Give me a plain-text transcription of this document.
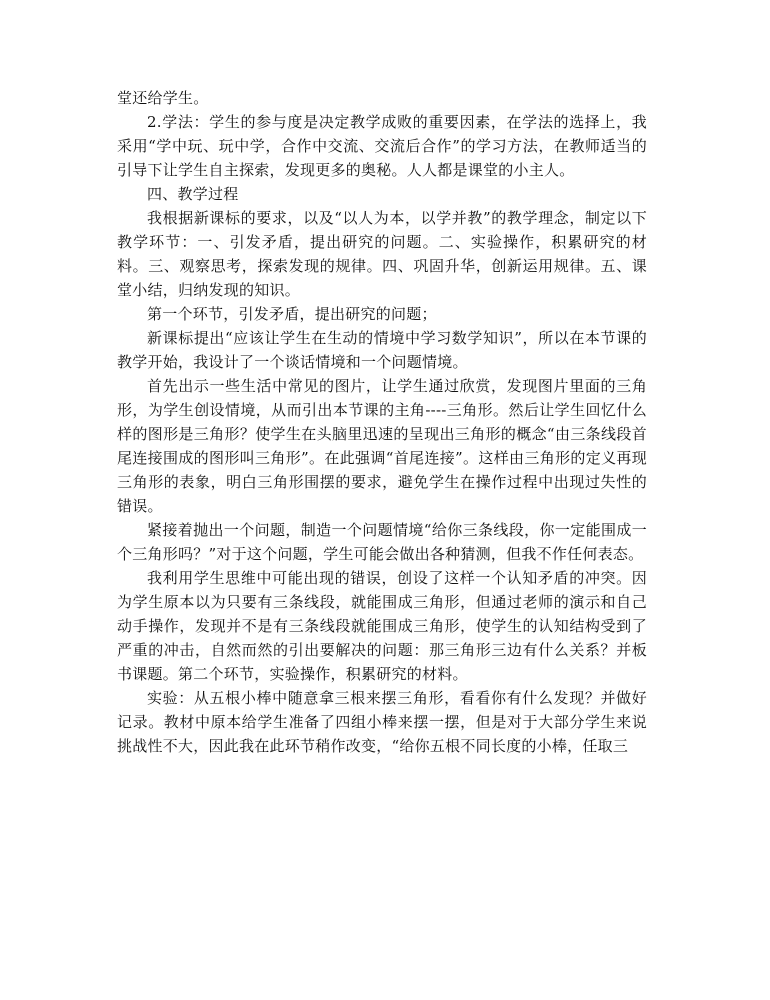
堂还给学生。

2.学法：学生的参与度是决定教学成败的重要因素，在学法的选择上，我采用“学中玩、玩中学，合作中交流、交流后合作”的学习方法，在教师适当的引导下让学生自主探索，发现更多的奥秘。人人都是课堂的小主人。

四、教学过程

我根据新课标的要求，以及“以人为本，以学并教”的教学理念，制定以下教学环节：一、引发矛盾，提出研究的问题。二、实验操作，积累研究的材料。三、观察思考，探索发现的规律。四、巩固升华，创新运用规律。五、课堂小结，归纳发现的知识。

第一个环节，引发矛盾，提出研究的问题；

新课标提出“应该让学生在生动的情境中学习数学知识”，所以在本节课的教学开始，我设计了一个谈话情境和一个问题情境。

首先出示一些生活中常见的图片，让学生通过欣赏，发现图片里面的三角形，为学生创设情境，从而引出本节课的主角----三角形。然后让学生回忆什么样的图形是三角形？使学生在头脑里迅速的呈现出三角形的概念“由三条线段首尾连接围成的图形叫三角形”。在此强调“首尾连接”。这样由三角形的定义再现三角形的表象，明白三角形围摆的要求，避免学生在操作过程中出现过失性的错误。

紧接着抛出一个问题，制造一个问题情境“给你三条线段，你一定能围成一个三角形吗？”对于这个问题，学生可能会做出各种猜测，但我不作任何表态。

我利用学生思维中可能出现的错误，创设了这样一个认知矛盾的冲突。因为学生原本以为只要有三条线段，就能围成三角形，但通过老师的演示和自己动手操作，发现并不是有三条线段就能围成三角形，使学生的认知结构受到了严重的冲击，自然而然的引出要解决的问题：那三角形三边有什么关系？并板书课题。第二个环节，实验操作，积累研究的材料。

实验：从五根小棒中随意拿三根来摆三角形，看看你有什么发现？并做好记录。教材中原本给学生准备了四组小棒来摆一摆，但是对于大部分学生来说挑战性不大，因此我在此环节稍作改变，“给你五根不同长度的小棒，任取三
